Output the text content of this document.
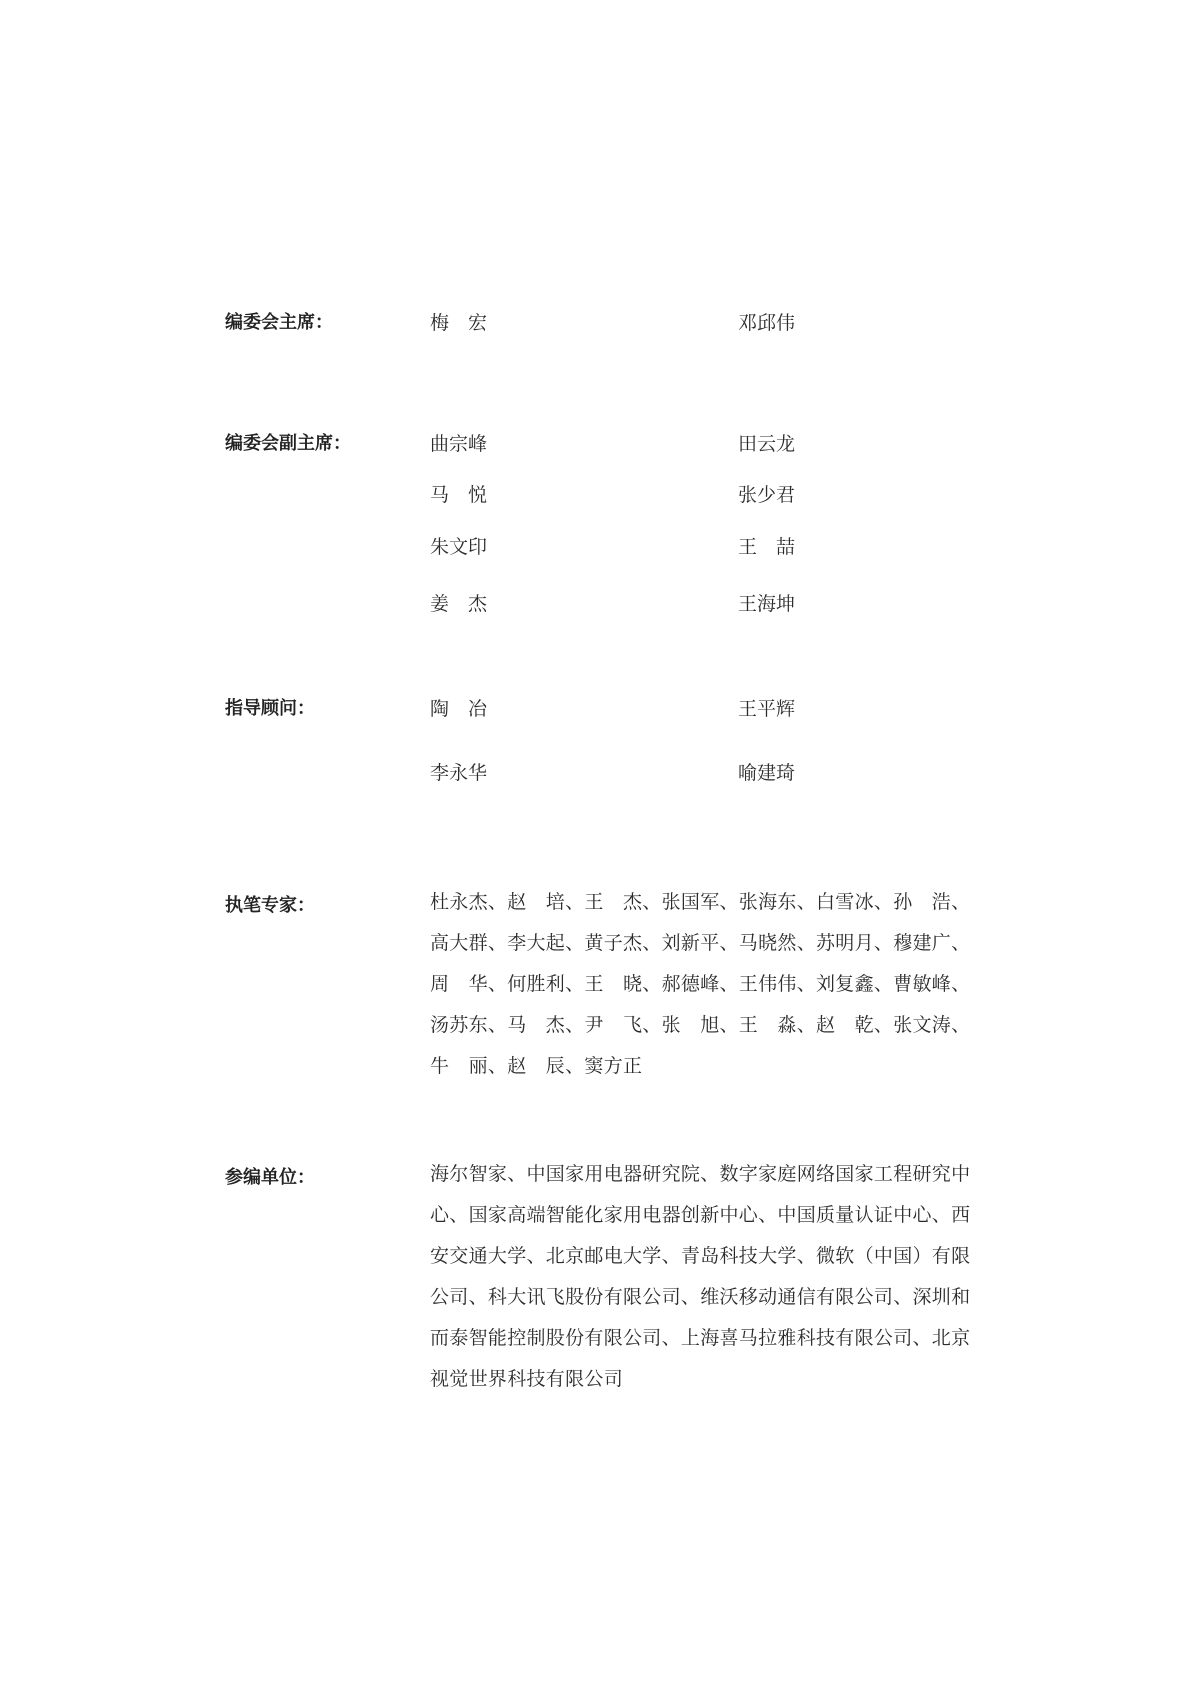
编委会主席：	梅　宏	邓邱伟
编委会副主席：	曲宗峰	田云龙
马　悦	张少君
朱文印	王　喆
姜　杰	王海坤
指导顾问：	陶　冶	王平辉
李永华	喻建琦
执笔专家：	杜永杰、赵　培、王　杰、张国军、张海东、白雪冰、孙　浩、
高大群、李大起、黄子杰、刘新平、马晓然、苏明月、穆建广、
周　华、何胜利、王　晓、郝德峰、王伟伟、刘复鑫、曹敏峰、
汤苏东、马　杰、尹　飞、张　旭、王　淼、赵　乾、张文涛、
牛　丽、赵　辰、窦方正
参编单位：	海尔智家、中国家用电器研究院、数字家庭网络国家工程研究中
心、国家高端智能化家用电器创新中心、中国质量认证中心、西
安交通大学、北京邮电大学、青岛科技大学、微软（中国）有限
公司、科大讯飞股份有限公司、维沃移动通信有限公司、深圳和
而泰智能控制股份有限公司、上海喜马拉雅科技有限公司、北京
视觉世界科技有限公司
